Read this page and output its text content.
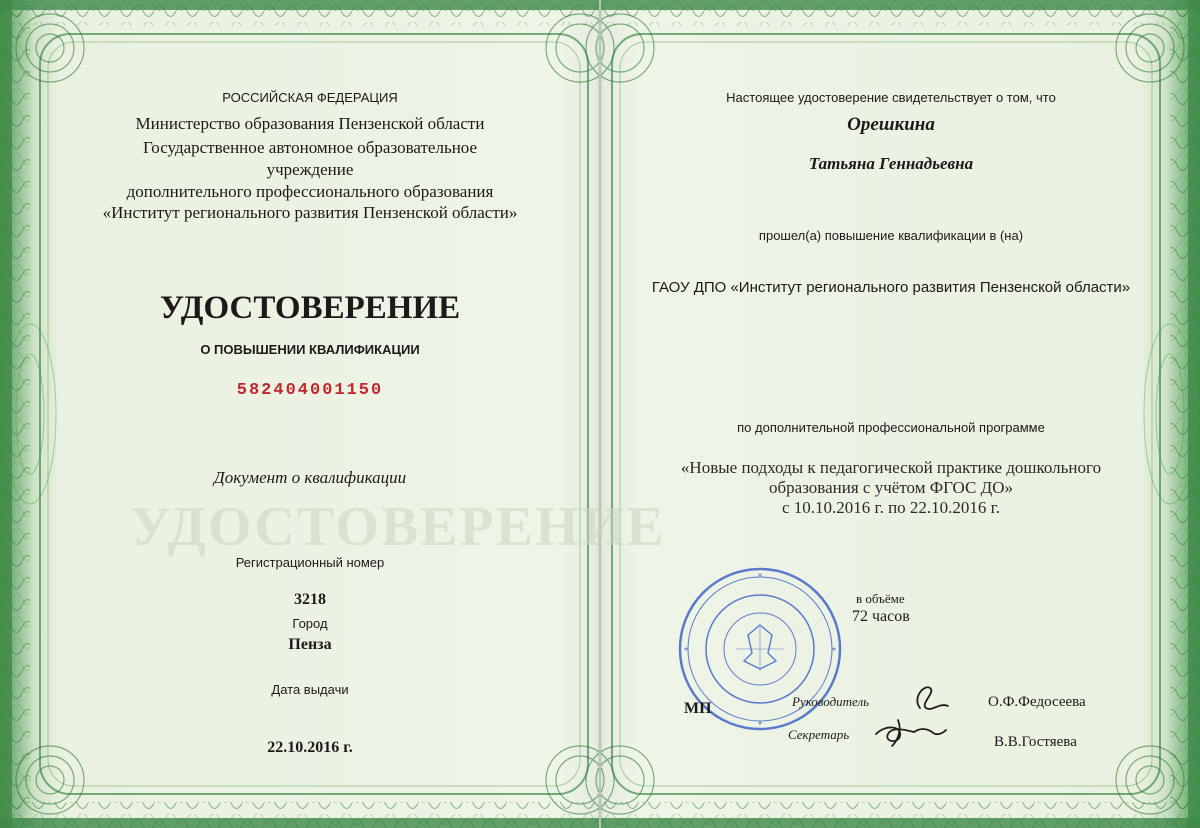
УДОСТОВЕРЕНИЕ
РОССИЙСКАЯ ФЕДЕРАЦИЯ
Министерство образования Пензенской области
Государственное автономное образовательное
учреждение
дополнительного профессионального образования
«Институт регионального развития Пензенской области»
УДОСТОВЕРЕНИЕ
О ПОВЫШЕНИИ КВАЛИФИКАЦИИ
582404001150
Документ о квалификации
Регистрационный номер
3218
Город
Пенза
Дата выдачи
22.10.2016 г.
Настоящее удостоверение свидетельствует о том, что
Орешкина
Татьяна Геннадьевна
прошел(а) повышение квалификации в (на)
ГАОУ ДПО «Институт регионального развития Пензенской области»
по дополнительной профессиональной программе
«Новые подходы к педагогической практике дошкольного
образования с учётом ФГОС ДО»
с 10.10.2016 г. по 22.10.2016 г.
в объёме
72 часов
МП	Руководитель
Секретарь
О.Ф.Федосеева
В.В.Гостяева
